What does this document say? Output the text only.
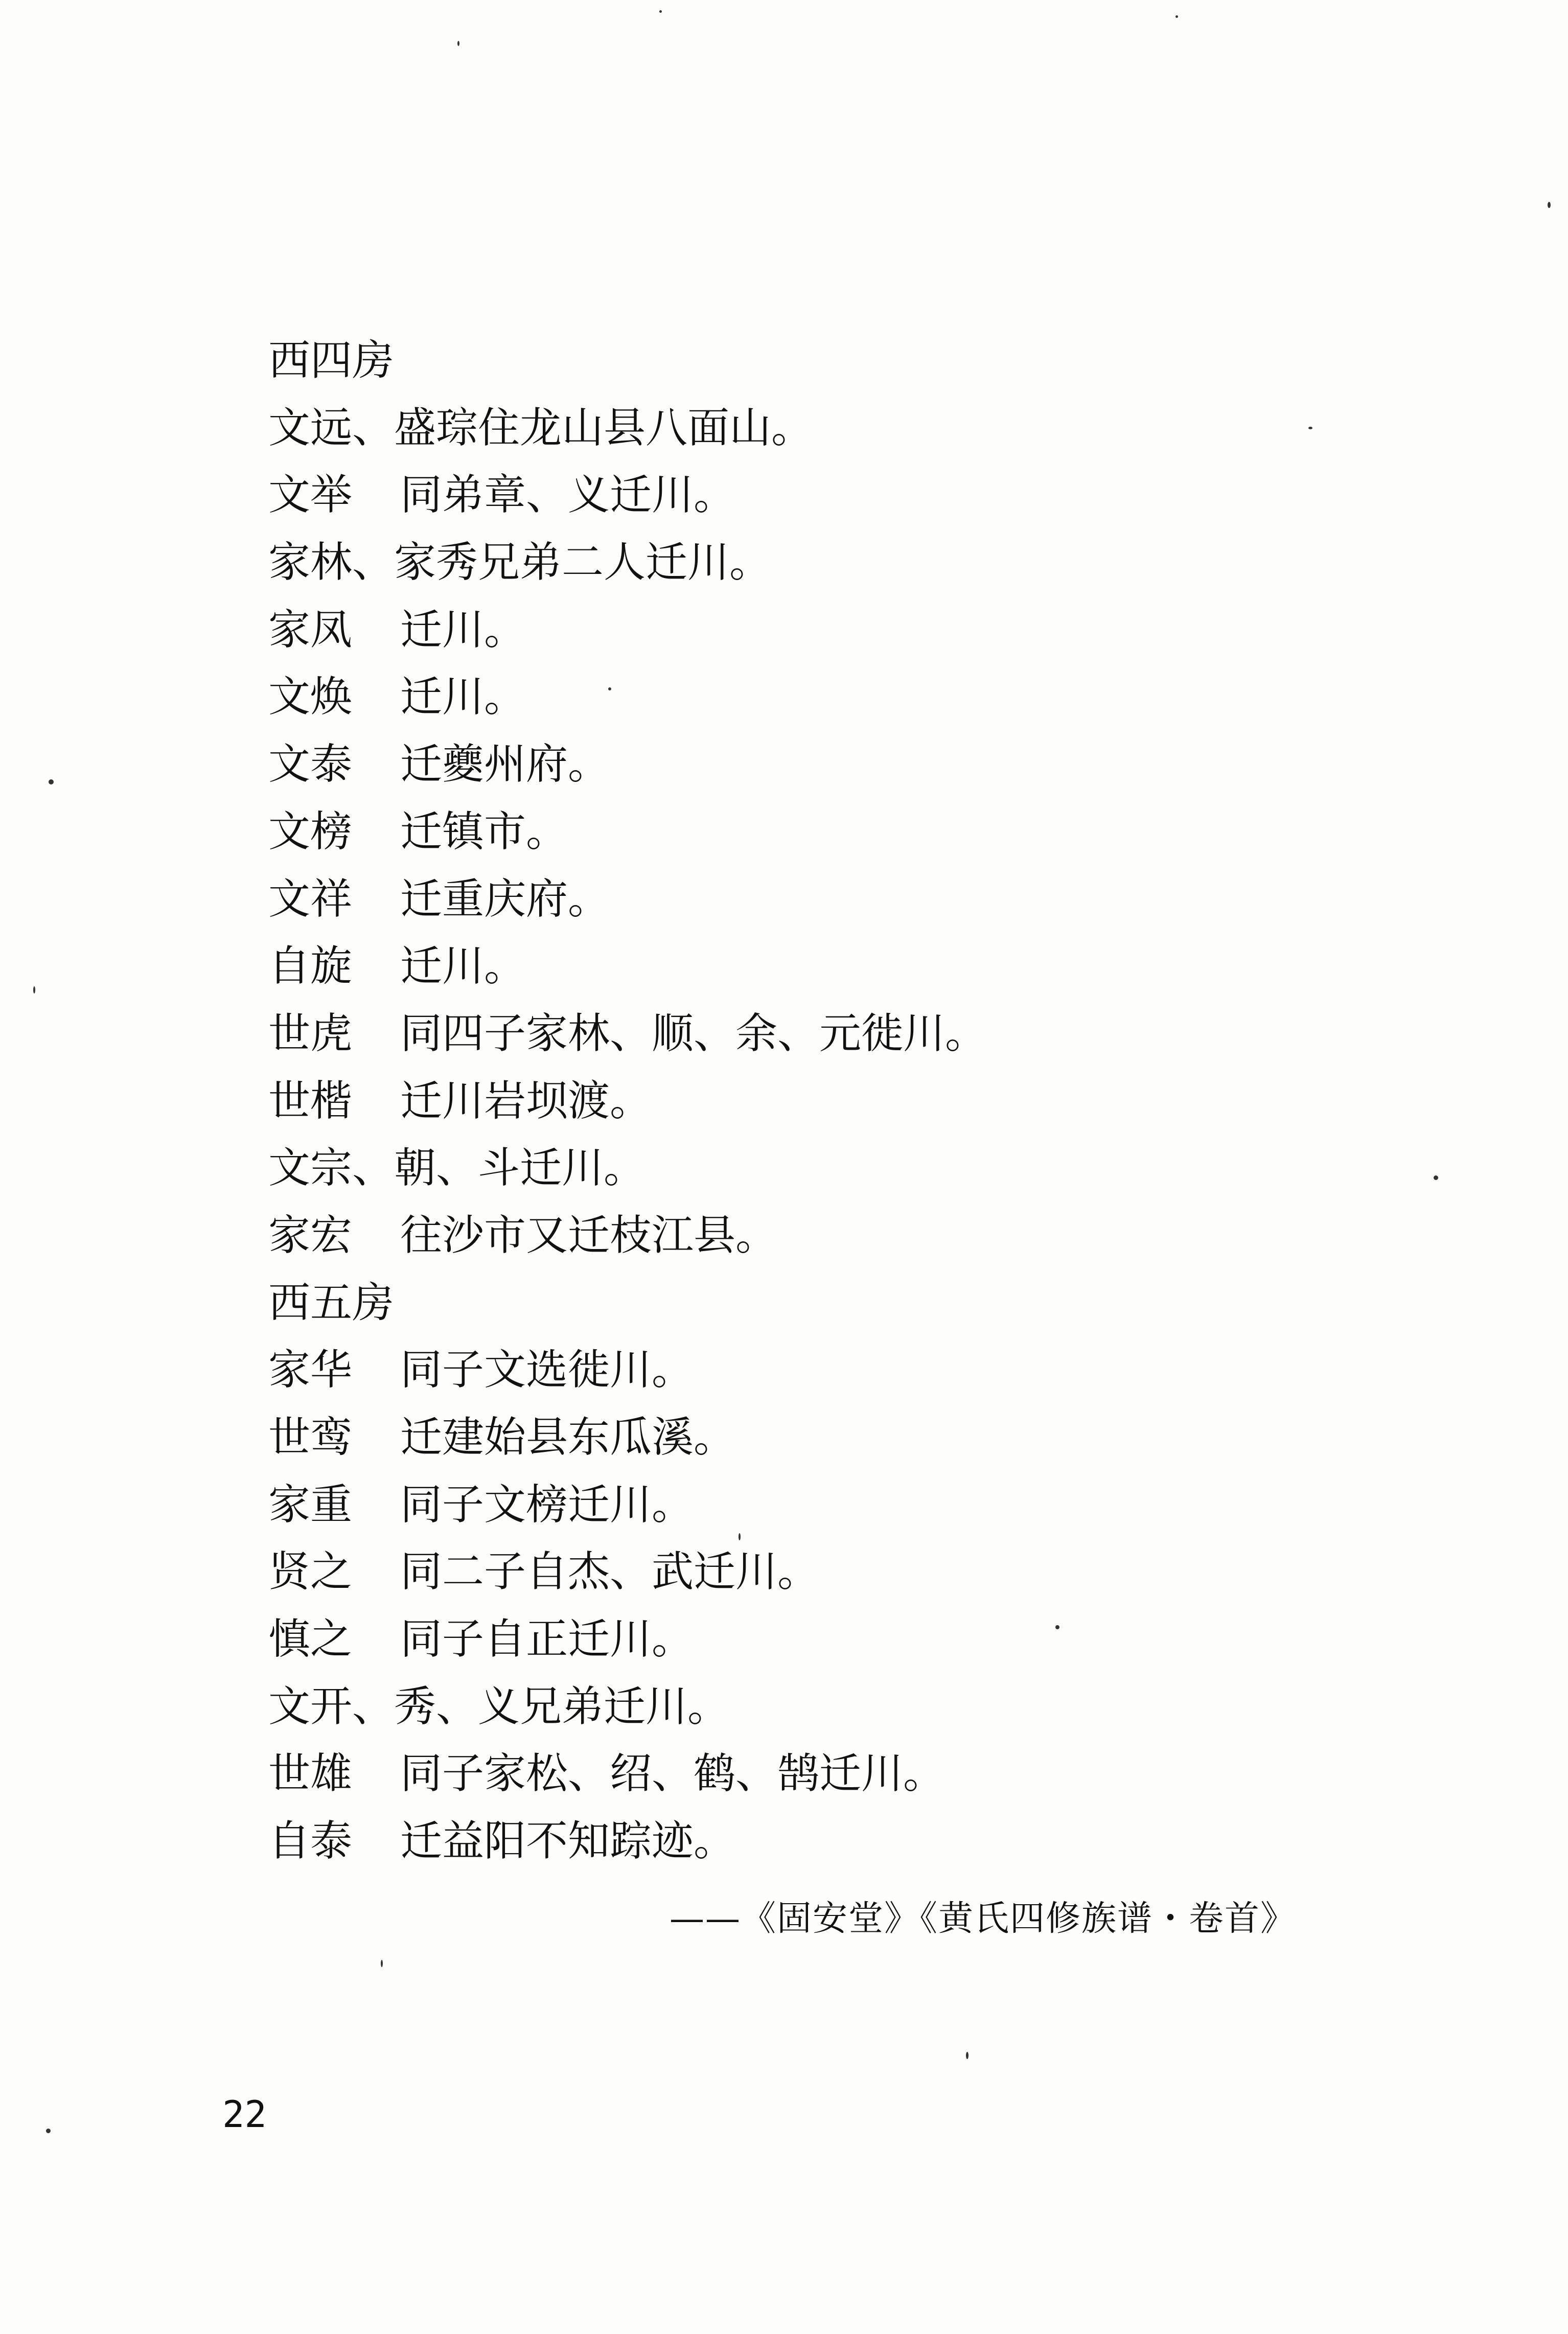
西四房
文远、盛琮住龙山县八面山。
文举	同弟章、义迁川。
家林、家秀兄弟二人迁川。
家凤	迁川。
文焕	迁川。
文泰	迁夔州府。
文榜	迁镇市。
文祥	迁重庆府。
自旋	迁川。
世虎	同四子家林、顺、余、元徙川。
世楷	迁川岩坝渡。
文宗、朝、斗迁川。
家宏	往沙市又迁枝江县。
西五房
家华	同子文选徙川。
世鸾	迁建始县东瓜溪。
家重	同子文榜迁川。
贤之	同二子自杰、武迁川。
慎之	同子自正迁川。
文开、秀、义兄弟迁川。
世雄	同子家松、绍、鹤、鹄迁川。
自泰	迁益阳不知踪迹。
——《固安堂》《黄氏四修族谱・卷首》
22
